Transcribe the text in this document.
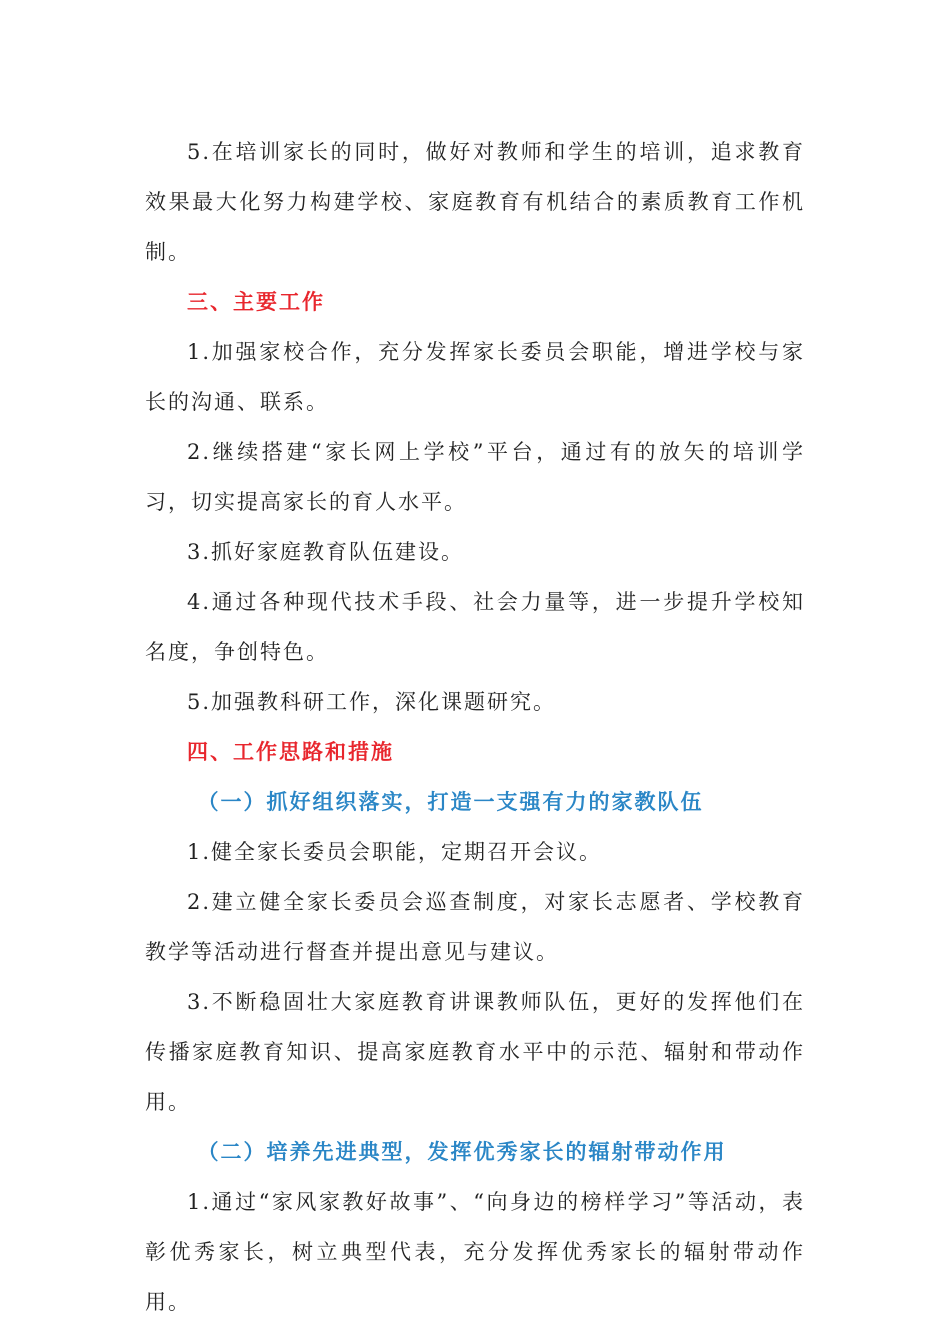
5.在培训家长的同时，做好对教师和学生的培训，追求教育效果最大化努力构建学校、家庭教育有机结合的素质教育工作机制。

三、主要工作

1.加强家校合作，充分发挥家长委员会职能，增进学校与家长的沟通、联系。

2.继续搭建“家长网上学校”平台，通过有的放矢的培训学习，切实提高家长的育人水平。

3.抓好家庭教育队伍建设。

4.通过各种现代技术手段、社会力量等，进一步提升学校知名度，争创特色。

5.加强教科研工作，深化课题研究。

四、工作思路和措施
（一）抓好组织落实，打造一支强有力的家教队伍

1.健全家长委员会职能，定期召开会议。

2.建立健全家长委员会巡查制度，对家长志愿者、学校教育教学等活动进行督查并提出意见与建议。

3.不断稳固壮大家庭教育讲课教师队伍，更好的发挥他们在传播家庭教育知识、提高家庭教育水平中的示范、辐射和带动作用。

（二）培养先进典型，发挥优秀家长的辐射带动作用

1.通过“家风家教好故事”、“向身边的榜样学习”等活动，表彰优秀家长，树立典型代表，充分发挥优秀家长的辐射带动作用。
